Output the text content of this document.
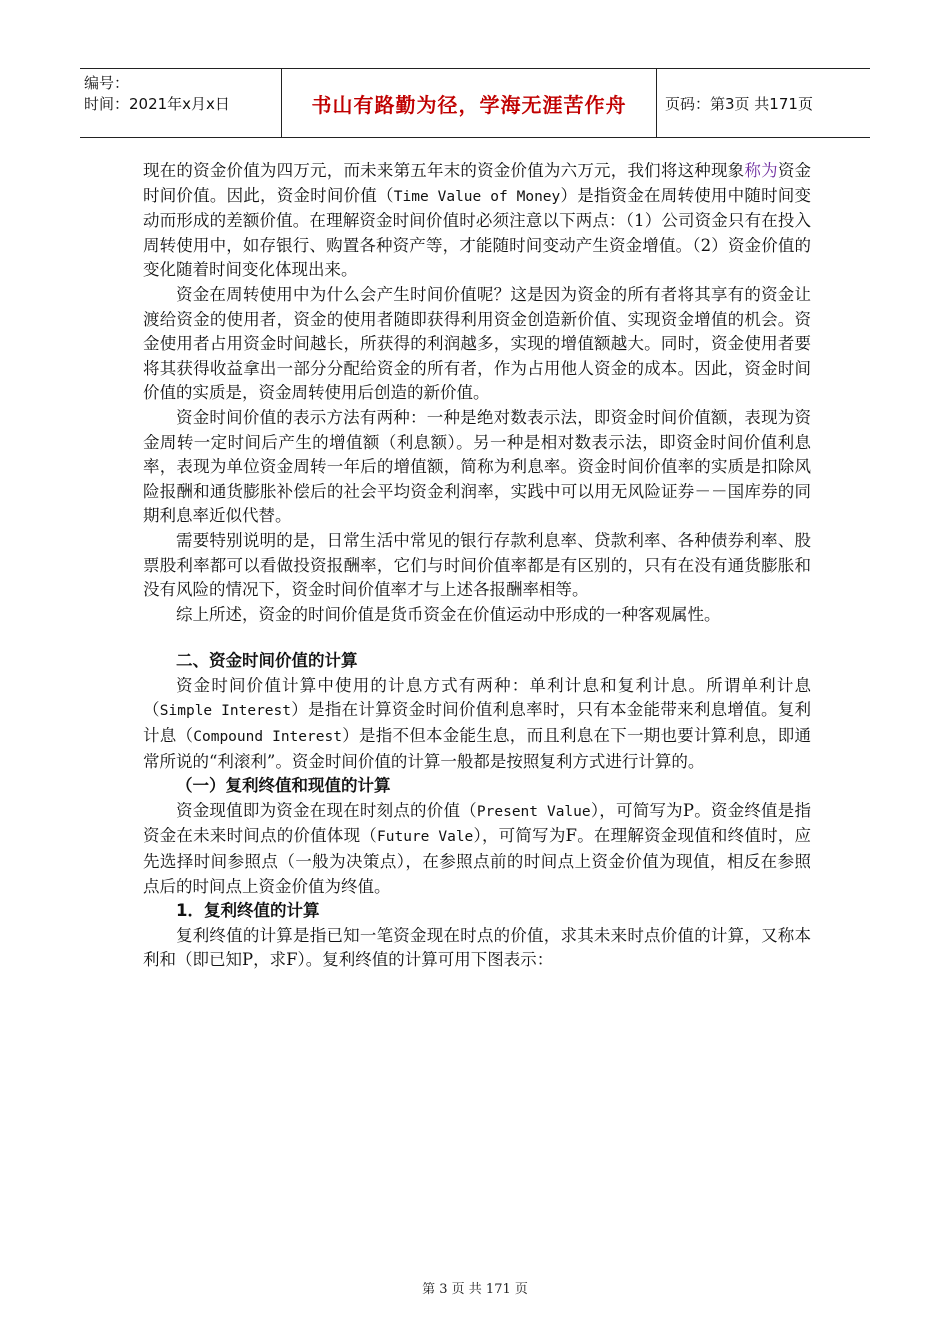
编号：
时间：2021年x月x日	书山有路勤为径，学海无涯苦作舟	页码：第3页 共171页

现在的资金价值为四万元，而未来第五年末的资金价值为六万元，我们将这种现象称为资金时间价值。因此，资金时间价值（Time Value of Money）是指资金在周转使用中随时间变动而形成的差额价值。在理解资金时间价值时必须注意以下两点：（1）公司资金只有在投入周转使用中，如存银行、购置各种资产等，才能随时间变动产生资金增值。（2）资金价值的变化随着时间变化体现出来。

资金在周转使用中为什么会产生时间价值呢？这是因为资金的所有者将其享有的资金让渡给资金的使用者，资金的使用者随即获得利用资金创造新价值、实现资金增值的机会。资金使用者占用资金时间越长，所获得的利润越多，实现的增值额越大。同时，资金使用者要将其获得收益拿出一部分分配给资金的所有者，作为占用他人资金的成本。因此，资金时间价值的实质是，资金周转使用后创造的新价值。

资金时间价值的表示方法有两种：一种是绝对数表示法，即资金时间价值额，表现为资金周转一定时间后产生的增值额（利息额）。另一种是相对数表示法，即资金时间价值利息率，表现为单位资金周转一年后的增值额，简称为利息率。资金时间价值率的实质是扣除风险报酬和通货膨胀补偿后的社会平均资金利润率，实践中可以用无风险证券－－国库券的同期利息率近似代替。

需要特别说明的是，日常生活中常见的银行存款利息率、贷款利率、各种债券利率、股票股利率都可以看做投资报酬率，它们与时间价值率都是有区别的，只有在没有通货膨胀和没有风险的情况下，资金时间价值率才与上述各报酬率相等。

综上所述，资金的时间价值是货币资金在价值运动中形成的一种客观属性。

二、资金时间价值的计算

资金时间价值计算中使用的计息方式有两种：单利计息和复利计息。所谓单利计息（Simple Interest）是指在计算资金时间价值利息率时，只有本金能带来利息增值。复利计息（Compound Interest）是指不但本金能生息，而且利息在下一期也要计算利息，即通常所说的“利滚利”。资金时间价值的计算一般都是按照复利方式进行计算的。

（一）复利终值和现值的计算

资金现值即为资金在现在时刻点的价值（Present Value），可简写为P。资金终值是指资金在未来时间点的价值体现（Future Vale），可简写为F。在理解资金现值和终值时，应先选择时间参照点（一般为决策点），在参照点前的时间点上资金价值为现值，相反在参照点后的时间点上资金价值为终值。

1．复利终值的计算

复利终值的计算是指已知一笔资金现在时点的价值，求其未来时点价值的计算，又称本利和（即已知P，求F）。复利终值的计算可用下图表示：

第 3 页 共 171 页
